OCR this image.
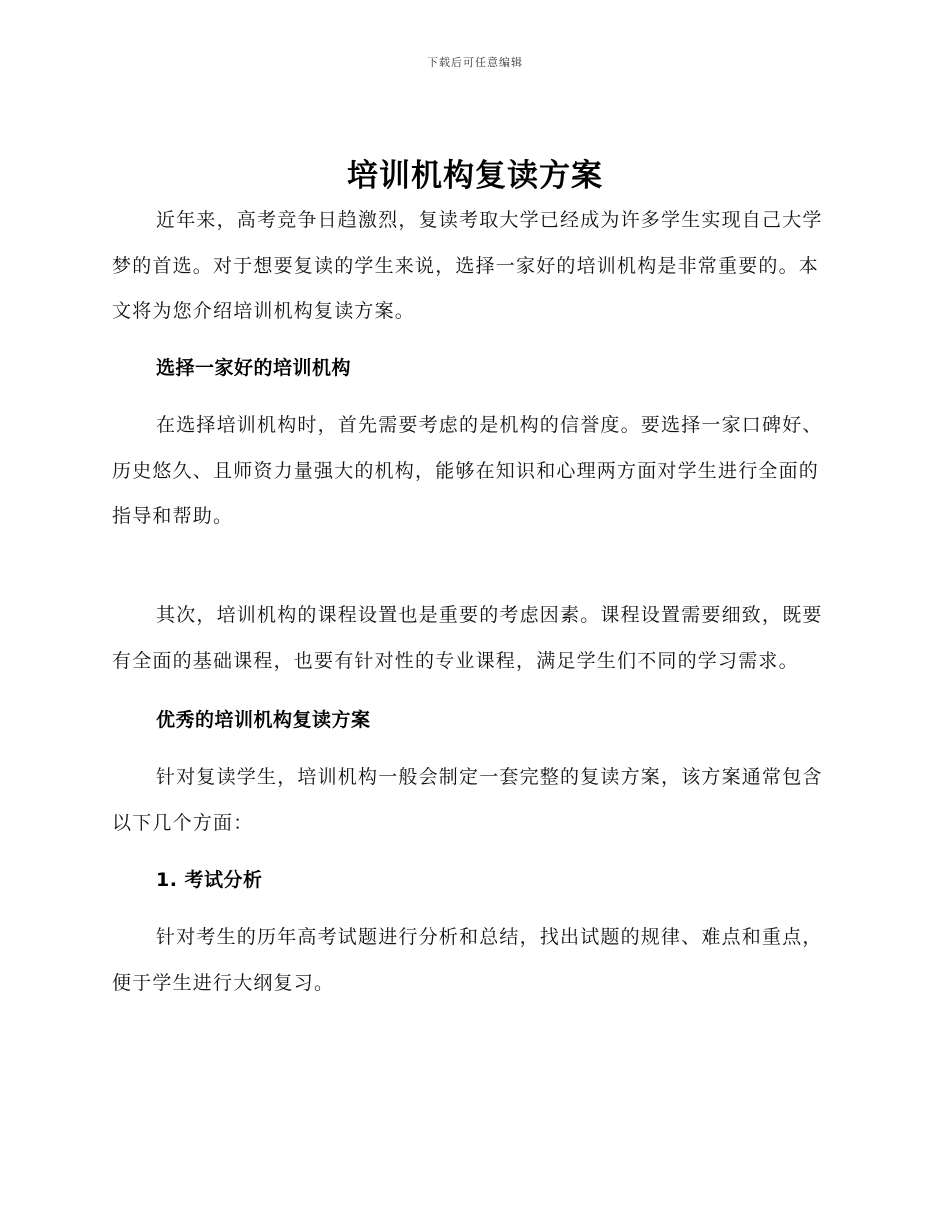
下载后可任意编辑
培训机构复读方案

近年来，高考竞争日趋激烈，复读考取大学已经成为许多学生实现自己大学梦的首选。对于想要复读的学生来说，选择一家好的培训机构是非常重要的。本文将为您介绍培训机构复读方案。

选择一家好的培训机构

在选择培训机构时，首先需要考虑的是机构的信誉度。要选择一家口碑好、历史悠久、且师资力量强大的机构，能够在知识和心理两方面对学生进行全面的指导和帮助。

其次，培训机构的课程设置也是重要的考虑因素。课程设置需要细致，既要有全面的基础课程，也要有针对性的专业课程，满足学生们不同的学习需求。

优秀的培训机构复读方案

针对复读学生，培训机构一般会制定一套完整的复读方案，该方案通常包含以下几个方面：

1. 考试分析

针对考生的历年高考试题进行分析和总结，找出试题的规律、难点和重点，便于学生进行大纲复习。
